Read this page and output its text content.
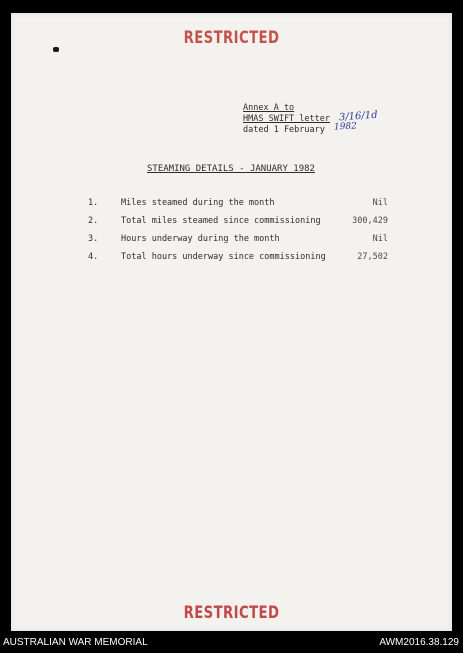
RESTRICTED
Annex A to
HMAS SWIFT letter
dated 1 February
3/16/1d
1982
STEAMING DETAILS - JANUARY 1982
1.	Miles steamed during the month	Nil
2.	Total miles steamed since commissioning	300,429
3.	Hours underway during the month	Nil
4.	Total hours underway since commissioning	27,502
RESTRICTED
AUSTRALIAN WAR MEMORIAL	AWM2016.38.129
